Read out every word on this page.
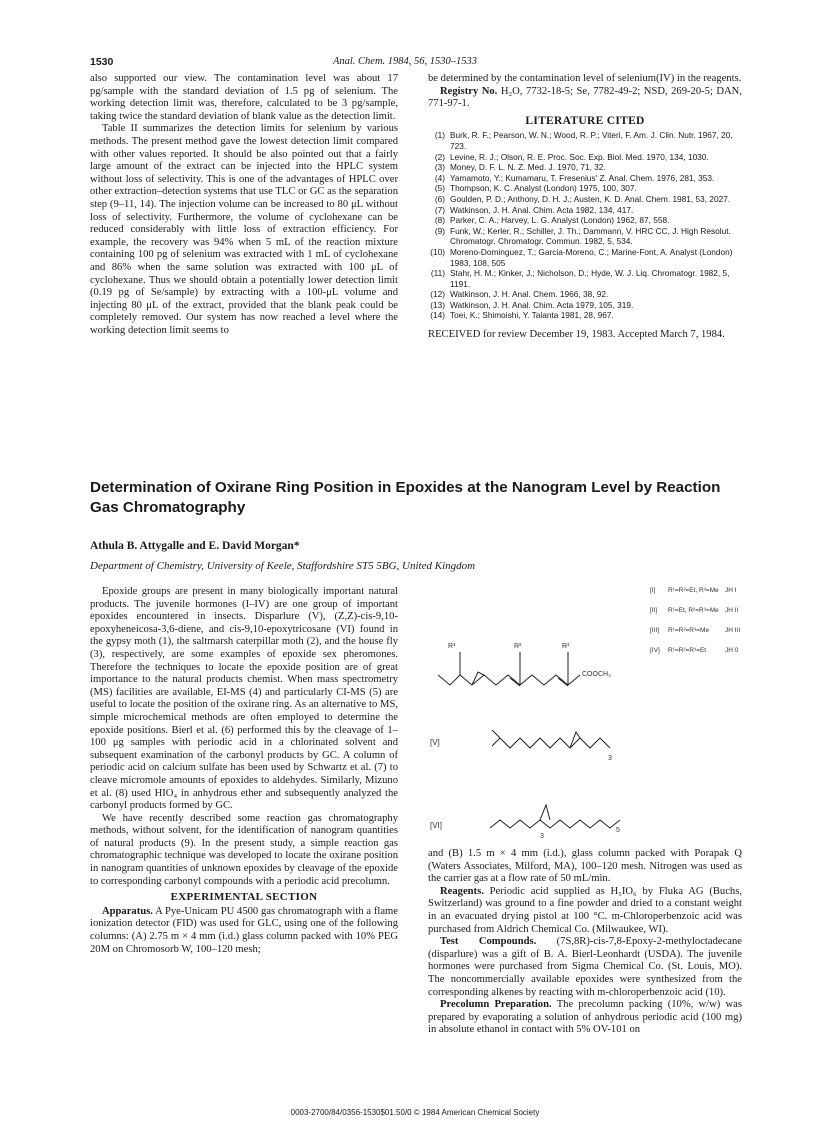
1530	Anal. Chem. 1984, 56, 1530–1533

also supported our view. The contamination level was about 17 pg/sample with the standard deviation of 1.5 pg of selenium. The working detection limit was, therefore, calculated to be 3 pg/sample, taking twice the standard deviation of blank value as the detection limit.

Table II summarizes the detection limits for selenium by various methods. The present method gave the lowest detection limit compared with other values reported. It should be also pointed out that a fairly large amount of the extract can be injected into the HPLC system without loss of selectivity. This is one of the advantages of HPLC over other extraction–detection systems that use TLC or GC as the separation step (9–11, 14). The injection volume can be increased to 80 μL without loss of selectivity. Furthermore, the volume of cyclohexane can be reduced considerably with little loss of extraction efficiency. For example, the recovery was 94% when 5 mL of the reaction mixture containing 100 pg of selenium was extracted with 1 mL of cyclohexane and 86% when the same solution was extracted with 100 μL of cyclohexane. Thus we should obtain a potentially lower detection limit (0.19 pg of Se/sample) by extracting with a 100-μL volume and injecting 80 μL of the extract, provided that the blank peak could be completely removed. Our system has now reached a level where the working detection limit seems to

be determined by the contamination level of selenium(IV) in the reagents.

Registry No. H₂O, 7732-18-5; Se, 7782-49-2; NSD, 269-20-5; DAN, 771-97-1.

LITERATURE CITED
(1) Burk, R. F.; Pearson, W. N.; Wood, R. P.; Viteri, F. Am. J. Clin. Nutr. 1967, 20, 723.
(2) Levine, R. J.; Olson, R. E. Proc. Soc. Exp. Biol. Med. 1970, 134, 1030.
(3) Money, D. F. L. N. Z. Med. J. 1970, 71, 32.
(4) Yamamoto, Y.; Kumamaru, T. Fresenius' Z. Anal. Chem. 1976, 281, 353.
(5) Thompson, K. C. Analyst (London) 1975, 100, 307.
(6) Goulden, P. D.; Anthony, D. H. J.; Austen, K. D. Anal. Chem. 1981, 53, 2027.
(7) Watkinson, J. H. Anal. Chim. Acta 1982, 134, 417.
(8) Parker, C. A.; Harvey, L. G. Analyst (London) 1962, 87, 558.
(9) Funk, W.; Kerler, R.; Schiller, J. Th.; Dammann, V. HRC CC, J. High Resolut. Chromatogr. Chromatogr. Commun. 1982, 5, 534.
(10) Moreno-Dominguez, T.; Garcia-Moreno, C.; Marine-Font, A. Analyst (London) 1983, 108, 505
(11) Stahr, H. M.; Kinker, J.; Nicholson, D.; Hyde, W. J. Liq. Chromatogr. 1982, 5, 1191.
(12) Watkinson, J. H. Anal. Chem. 1966, 38, 92.
(13) Watkinson, J. H. Anal. Chim. Acta 1979, 105, 319.
(14) Toei, K.; Shimoishi, Y. Talanta 1981, 28, 967.

RECEIVED for review December 19, 1983. Accepted March 7, 1984.

Determination of Oxirane Ring Position in Epoxides at the Nanogram Level by Reaction Gas Chromatography
Athula B. Attygalle and E. David Morgan*
Department of Chemistry, University of Keele, Staffordshire ST5 5BG, United Kingdom

Epoxide groups are present in many biologically important natural products. The juvenile hormones (I–IV) are one group of important epoxides encountered in insects. Disparlure (V), (Z,Z)-cis-9,10-epoxyheneicosa-3,6-diene, and cis-9,10-epoxytricosane (VI) found in the gypsy moth (1), the saltmarsh caterpillar moth (2), and the house fly (3), respectively, are some examples of epoxide sex pheromones. Therefore the techniques to locate the epoxide position are of great importance to the natural products chemist. When mass spectrometry (MS) facilities are available, EI-MS (4) and particularly CI-MS (5) are useful to locate the position of the oxirane ring. As an alternative to MS, simple microchemical methods are often employed to determine the epoxide positions. Bierl et al. (6) performed this by the cleavage of 1–100 μg samples with periodic acid in a chlorinated solvent and subsequent examination of the carbonyl products by GC. A column of periodic acid on calcium sulfate has been used by Schwartz et al. (7) to cleave micromole amounts of epoxides to aldehydes. Similarly, Mizuno et al. (8) used HIO₄ in anhydrous ether and subsequently analyzed the carbonyl products formed by GC.

We have recently described some reaction gas chromatography methods, without solvent, for the identification of nanogram quantities of natural products (9). In the present study, a simple reaction gas chromatographic technique was developed to locate the oxirane position in nanogram quantities of unknown epoxides by cleavage of the epoxide to corresponding carbonyl compounds with a periodic acid precolumn.

EXPERIMENTAL SECTION

Apparatus. A Pye-Unicam PU 4500 gas chromatograph with a flame ionization detector (FID) was used for GLC, using one of the following columns: (A) 2.75 m × 4 mm (i.d.) glass column packed with 10% PEG 20M on Chromosorb W, 100–120 mesh;

R¹	R²	R³
COOCH₃
[V]
3
[VI]
3
5
[I] R¹=R²=Et, R³=Me JH I
[II] R¹=Et, R²=R³=Me JH II
[III] R¹=R²=R³=Me JH III
[IV] R¹=R²=R³=Et	JH 0

and (B) 1.5 m × 4 mm (i.d.), glass column packed with Porapak Q (Waters Associates, Milford, MA), 100–120 mesh. Nitrogen was used as the carrier gas at a flow rate of 50 mL/min.

Reagents. Periodic acid supplied as H₅IO₆ by Fluka AG (Buchs, Switzerland) was ground to a fine powder and dried to a constant weight in an evacuated drying pistol at 100 °C. m-Chloroperbenzoic acid was purchased from Aldrich Chemical Co. (Milwaukee, WI).

Test Compounds. (7S,8R)-cis-7,8-Epoxy-2-methyloctadecane (disparlure) was a gift of B. A. Bierl-Leonhardt (USDA). The juvenile hormones were purchased from Sigma Chemical Co. (St. Louis, MO). The noncommercially available epoxides were synthesized from the corresponding alkenes by reacting with m-chloroperbenzoic acid (10).

Precolumn Preparation. The precolumn packing (10%, w/w) was prepared by evaporating a solution of anhydrous periodic acid (100 mg) in absolute ethanol in contact with 5% OV-101 on

0003-2700/84/0356-1530$01.50/0 © 1984 American Chemical Society
